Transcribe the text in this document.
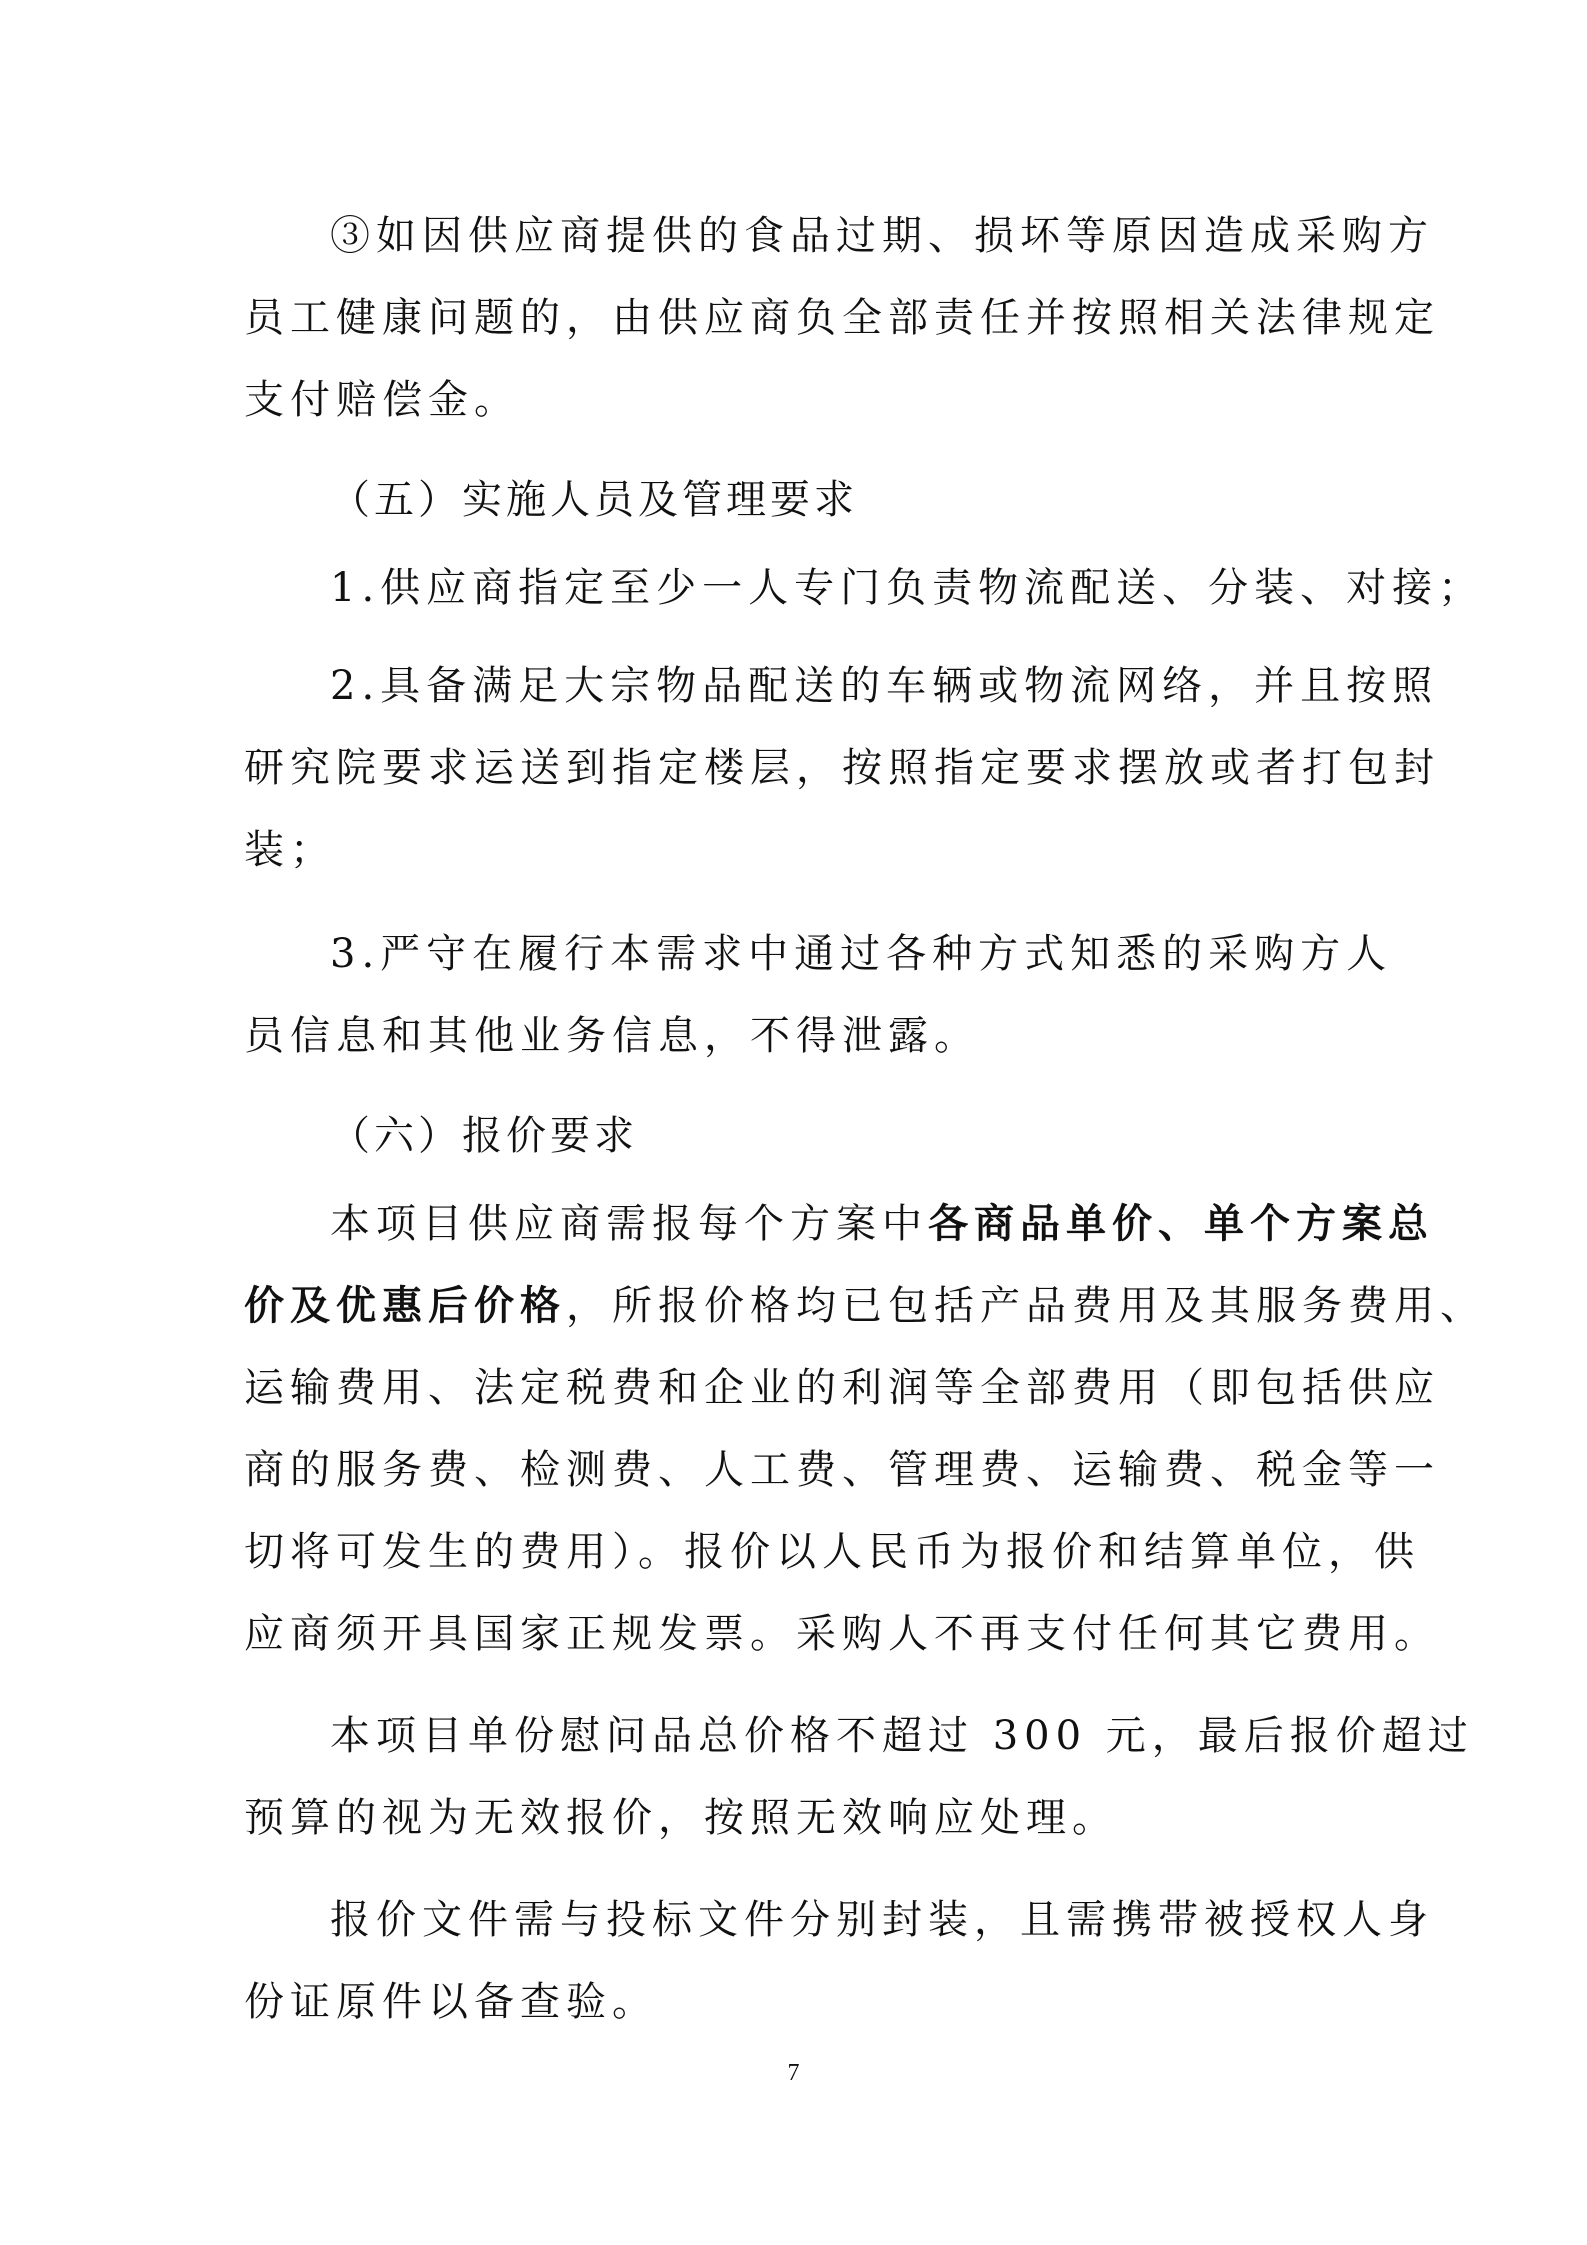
③如因供应商提供的食品过期、损坏等原因造成采购方
员工健康问题的，由供应商负全部责任并按照相关法律规定
支付赔偿金。
（五）实施人员及管理要求
1.供应商指定至少一人专门负责物流配送、分装、对接；
2.具备满足大宗物品配送的车辆或物流网络，并且按照
研究院要求运送到指定楼层，按照指定要求摆放或者打包封
装；
3.严守在履行本需求中通过各种方式知悉的采购方人
员信息和其他业务信息，不得泄露。
（六）报价要求
本项目供应商需报每个方案中各商品单价、单个方案总
价及优惠后价格，所报价格均已包括产品费用及其服务费用、
运输费用、法定税费和企业的利润等全部费用（即包括供应
商的服务费、检测费、人工费、管理费、运输费、税金等一
切将可发生的费用）。报价以人民币为报价和结算单位，供
应商须开具国家正规发票。采购人不再支付任何其它费用。
本项目单份慰问品总价格不超过 300 元，最后报价超过
预算的视为无效报价，按照无效响应处理。
报价文件需与投标文件分别封装，且需携带被授权人身
份证原件以备查验。
7
